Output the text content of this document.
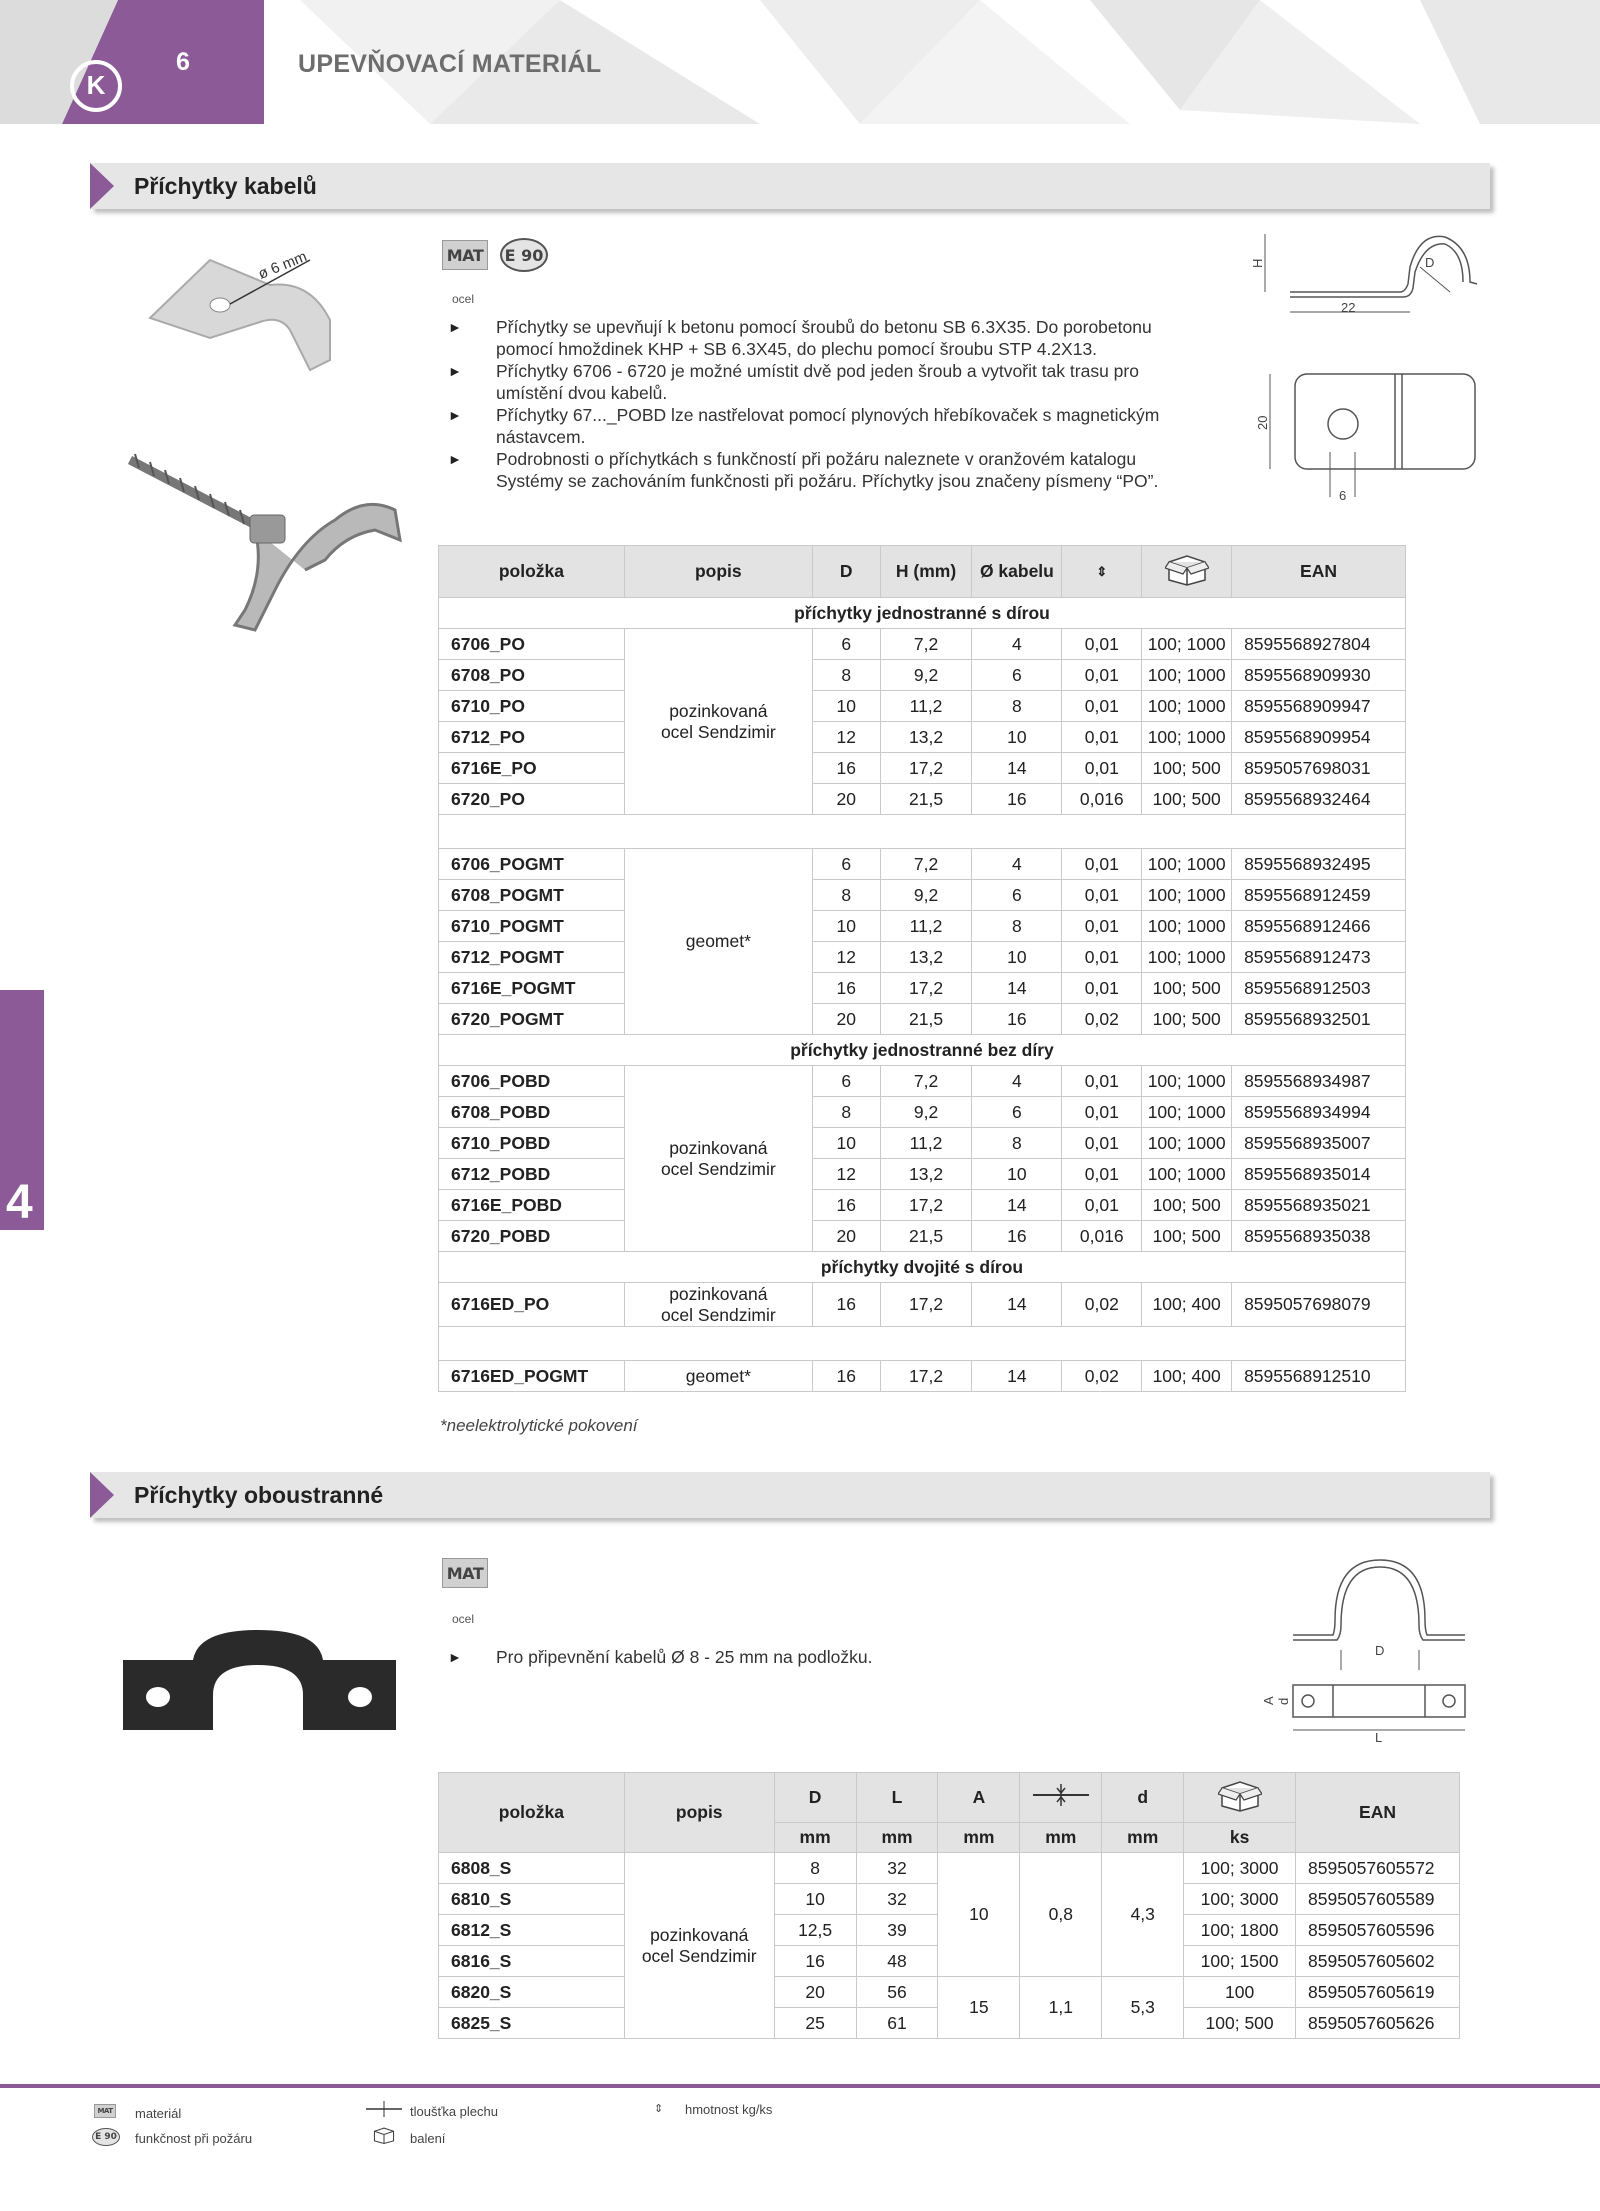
K
6	UPEVŇOVACÍ MATERIÁL
4
Příchytky kabelů
ø 6 mm	MAT E 90
ocel
► Příchytky se upevňují k betonu pomocí šroubů do betonu SB 6.3X35. Do porobetonu pomocí hmoždinek KHP + SB 6.3X45, do plechu pomocí šroubu STP 4.2X13.
► Příchytky 6706 - 6720 je možné umístit dvě pod jeden šroub a vytvořit tak trasu pro umístění dvou kabelů.
► Příchytky 67..._POBD lze nastřelovat pomocí plynových hřebíkovaček s magnetickým nástavcem.
► Podrobnosti o příchytkách s funkčností při požáru naleznete v oranžovém katalogu Systémy se zachováním funkčnosti při požáru. Příchytky jsou značeny písmeny “PO”.
H	D
22
20
6
položka	popis	D	H (mm)	Ø kabelu	⇕		EAN
příchytky jednostranné s dírou							
6706_PO	pozinkovaná ocel Sendzimir	6	7,2	4	0,01	100; 1000	8595568927804
6708_PO		8	9,2	6	0,01	100; 1000	8595568909930
6710_PO		10	11,2	8	0,01	100; 1000	8595568909947
6712_PO		12	13,2	10	0,01	100; 1000	8595568909954
6716E_PO		16	17,2	14	0,01	100; 500	8595057698031
6720_PO		20	21,5	16	0,016	100; 500	8595568932464

6706_POGMT	geomet*	6	7,2	4	0,01	100; 1000	8595568932495
6708_POGMT		8	9,2	6	0,01	100; 1000	8595568912459
6710_POGMT		10	11,2	8	0,01	100; 1000	8595568912466
6712_POGMT		12	13,2	10	0,01	100; 1000	8595568912473
6716E_POGMT		16	17,2	14	0,01	100; 500	8595568912503
6720_POGMT		20	21,5	16	0,02	100; 500	8595568932501
příchytky jednostranné bez díry							
6706_POBD	pozinkovaná ocel Sendzimir	6	7,2	4	0,01	100; 1000	8595568934987
6708_POBD		8	9,2	6	0,01	100; 1000	8595568934994
6710_POBD		10	11,2	8	0,01	100; 1000	8595568935007
6712_POBD		12	13,2	10	0,01	100; 1000	8595568935014
6716E_POBD		16	17,2	14	0,01	100; 500	8595568935021
6720_POBD		20	21,5	16	0,016	100; 500	8595568935038
příchytky dvojité s dírou							
6716ED_PO	pozinkovaná ocel Sendzimir	16	17,2	14	0,02	100; 400	8595057698079

6716ED_POGMT	geomet*	16	17,2	14	0,02	100; 400	8595568912510
*neelektrolytické pokovení
Příchytky oboustranné
MAT
ocel
► Pro připevnění kabelů Ø 8 - 25 mm na podložku.	D
A d
L
položka	popis	D	L	A		d		EAN
		mm	mm	mm	mm	mm	ks	
6808_S	pozinkovaná ocel Sendzimir	8	32	10	0,8	4,3	100; 3000	8595057605572
6810_S		10	32				100; 3000	8595057605589
6812_S		12,5	39				100; 1800	8595057605596
6816_S		16	48				100; 1500	8595057605602
6820_S		20	56	15	1,1	5,3	100	8595057605619
6825_S		25	61				100; 500	8595057605626
MAT materiál
E 90 funkčnost při požáru
tloušťka plechu
balení
⇕ hmotnost kg/ks
